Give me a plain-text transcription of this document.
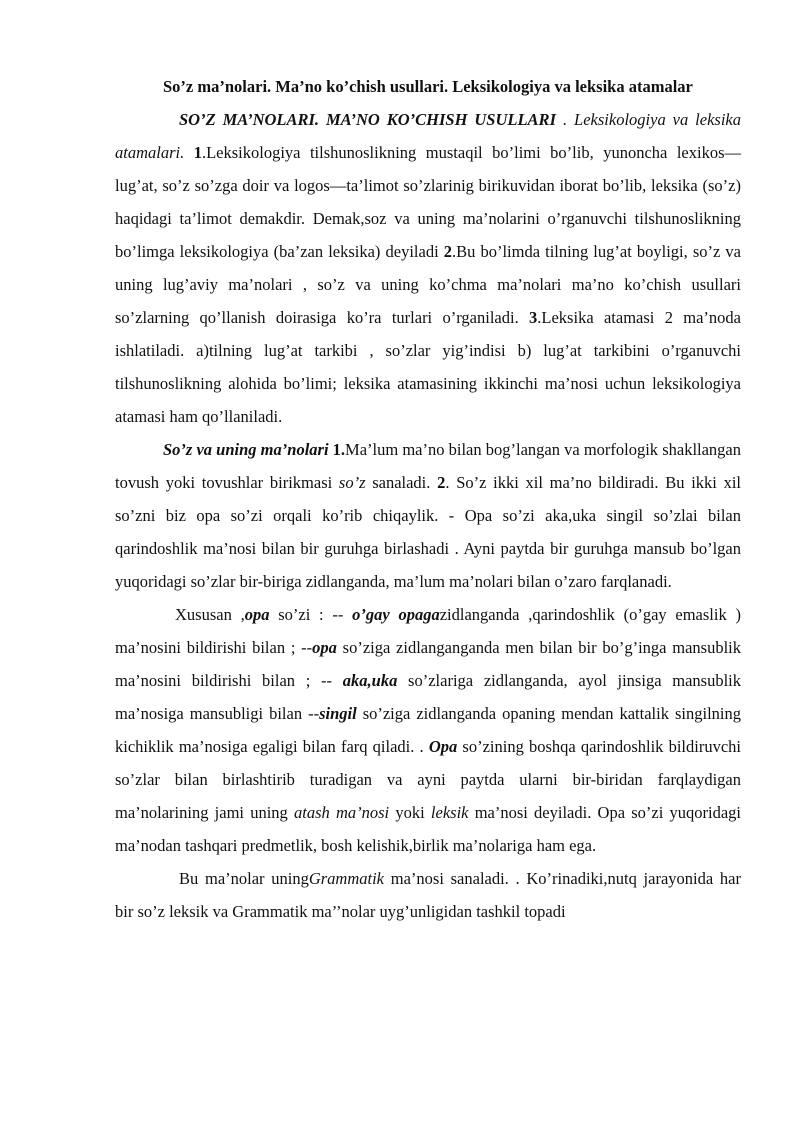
So’z ma’nolari. Ma’no ko’chish usullari. Leksikologiya va leksika atamalar

SO’Z MA’NOLARI. MA’NO KO’CHISH USULLARI . Leksikologiya va leksika atamalari. 1.Leksikologiya tilshunoslikning mustaqil bo’limi bo’lib, yunoncha lexikos—lug’at, so’z so’zga doir va logos—ta’limot so’zlarinig birikuvidan iborat bo’lib, leksika (so’z) haqidagi ta’limot demakdir. Demak,soz va uning ma’nolarini o’rganuvchi tilshunoslikning bo’limga leksikologiya (ba’zan leksika) deyiladi 2.Bu bo’limda tilning lug’at boyligi, so’z va uning lug’aviy ma’nolari , so’z va uning ko’chma ma’nolari ma’no ko’chish usullari so’zlarning qo’llanish doirasiga ko’ra turlari o’rganiladi. 3.Leksika atamasi 2 ma’noda ishlatiladi. a)tilning lug’at tarkibi , so’zlar yig’indisi b) lug’at tarkibini o’rganuvchi tilshunoslikning alohida bo’limi; leksika atamasining ikkinchi ma’nosi uchun leksikologiya atamasi ham qo’llaniladi.

So’z va uning ma’nolari 1.Ma’lum ma’no bilan bog’langan va morfologik shakllangan tovush yoki tovushlar birikmasi so’z sanaladi. 2. So’z ikki xil ma’no bildiradi. Bu ikki xil so’zni biz opa so’zi orqali ko’rib chiqaylik. - Opa so’zi aka,uka singil so’zlai bilan qarindoshlik ma’nosi bilan bir guruhga birlashadi . Ayni paytda bir guruhga mansub bo’lgan yuqoridagi so’zlar bir-biriga zidlanganda, ma’lum ma’nolari bilan o’zaro farqlanadi.

Xususan ,opa so’zi : -- o’gay opagazidlanganda ,qarindoshlik (o’gay emaslik ) ma’nosini bildirishi bilan ; --opa so’ziga zidlanganganda men bilan bir bo’g’inga mansublik ma’nosini bildirishi bilan ; -- aka,uka so’zlariga zidlanganda, ayol jinsiga mansublik ma’nosiga mansubligi bilan --singil so’ziga zidlanganda opaning mendan kattalik singilning kichiklik ma’nosiga egaligi bilan farq qiladi. . Opa so’zining boshqa qarindoshlik bildiruvchi so’zlar bilan birlashtirib turadigan va ayni paytda ularni bir-biridan farqlaydigan ma’nolarining jami uning atash ma’nosi yoki leksik ma’nosi deyiladi. Opa so’zi yuqoridagi ma’nodan tashqari predmetlik, bosh kelishik,birlik ma’nolariga ham ega.

Bu ma’nolar uningGrammatik ma’nosi sanaladi. . Ko’rinadiki,nutq jarayonida har bir so’z leksik va Grammatik ma’’nolar uyg’unligidan tashkil topadi
